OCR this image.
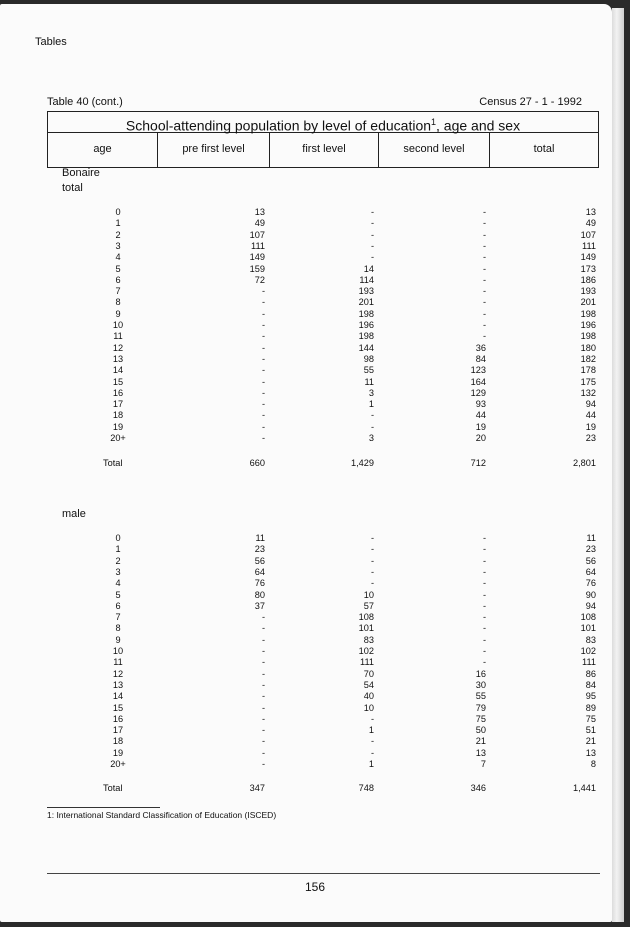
Tables
Table 40 (cont.)	Census 27 - 1 - 1992
School-attending population by level of education$^1$, age and sex
age	pre first level	first level	second level	total
Bonaire
total
0	13	-	-	13
1	49	-	-	49
2	107	-	-	107
3	111	-	-	111
4	149	-	-	149
5	159	14	-	173
6	72	114	-	186
7	-	193	-	193
8	-	201	-	201
9	-	198	-	198
10	-	196	-	196
11	-	198	-	198
12	-	144	36	180
13	-	98	84	182
14	-	55	123	178
15	-	11	164	175
16	-	3	129	132
17	-	1	93	94
18	-	-	44	44
19	-	-	19	19
20+	-	3	20	23
Total	660	1,429	712	2,801
male
0	11	-	-	11
1	23	-	-	23
2	56	-	-	56
3	64	-	-	64
4	76	-	-	76
5	80	10	-	90
6	37	57	-	94
7	-	108	-	108
8	-	101	-	101
9	-	83	-	83
10	-	102	-	102
11	-	111	-	111
12	-	70	16	86
13	-	54	30	84
14	-	40	55	95
15	-	10	79	89
16	-	-	75	75
17	-	1	50	51
18	-	-	21	21
19	-	-	13	13
20+	-	1	7	8
Total	347	748	346	1,441
1: International Standard Classification of Education (ISCED)
156
